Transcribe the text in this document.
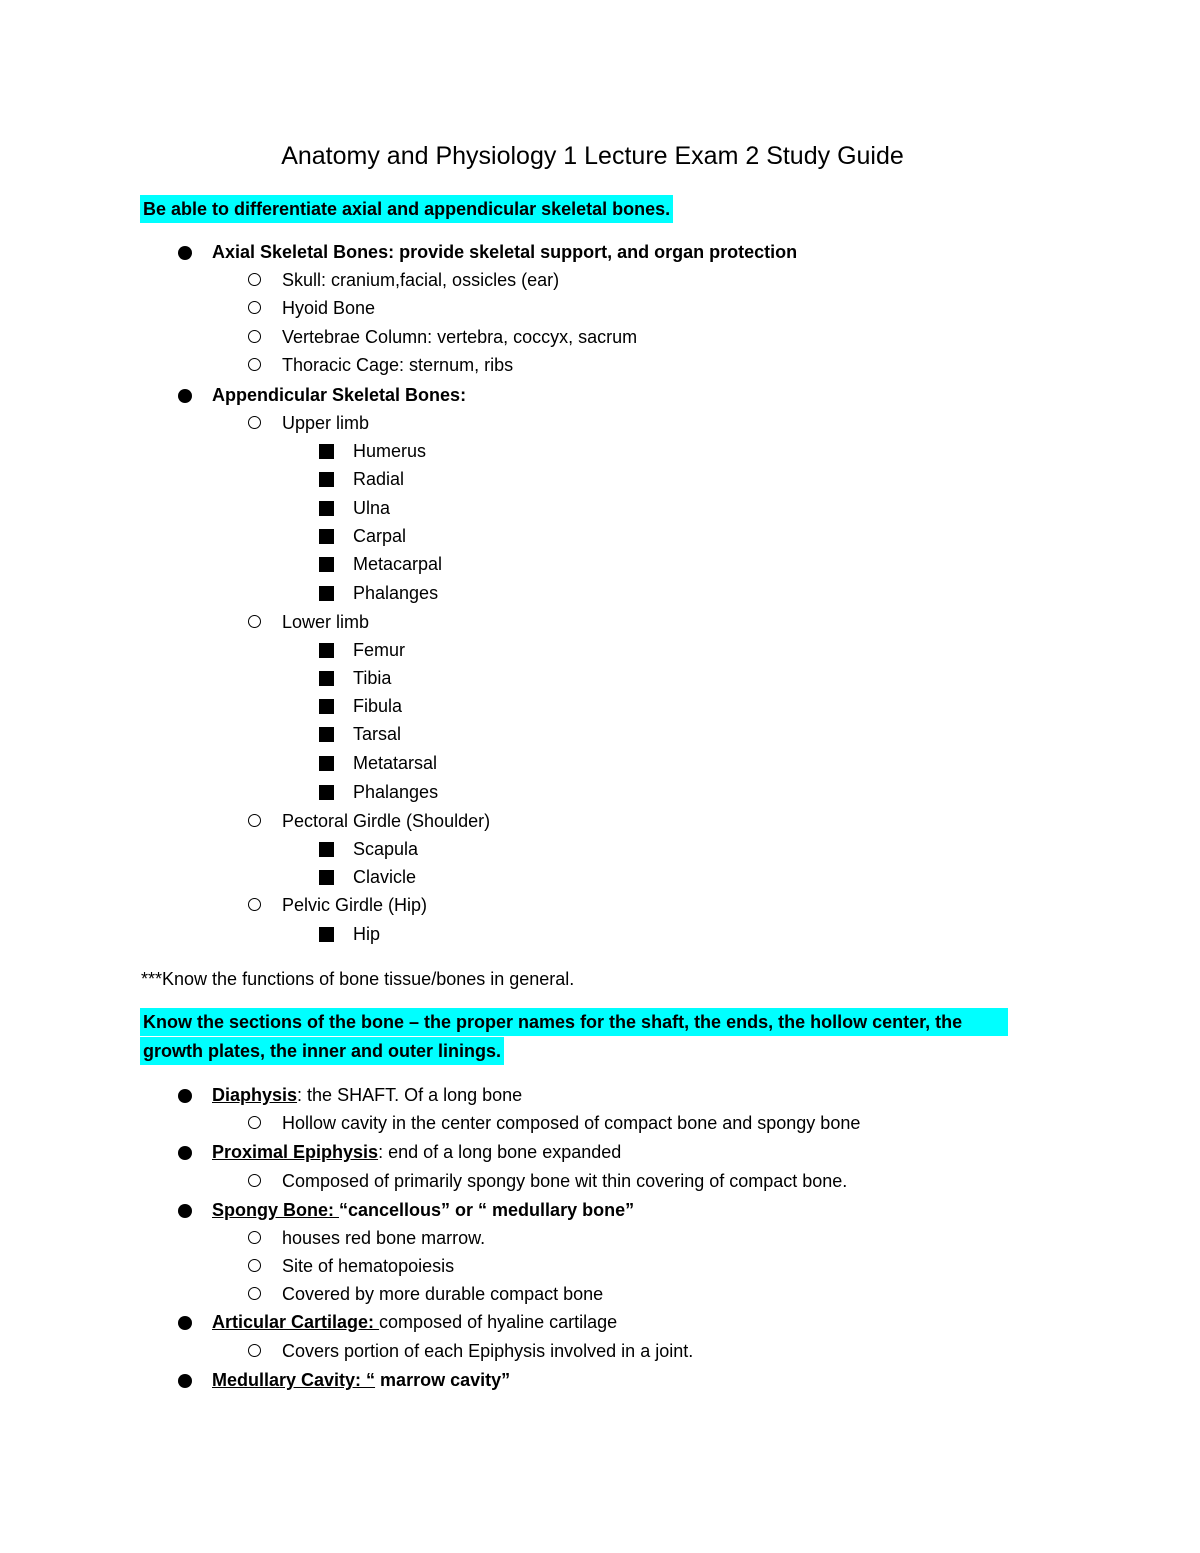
Anatomy and Physiology 1 Lecture Exam 2 Study Guide
Be able to differentiate axial and appendicular skeletal bones.
Axial Skeletal Bones: provide skeletal support, and organ protection
Skull: cranium,facial, ossicles (ear)
Hyoid Bone
Vertebrae Column: vertebra, coccyx, sacrum
Thoracic Cage: sternum, ribs
Appendicular Skeletal Bones:
Upper limb
Humerus
Radial
Ulna
Carpal
Metacarpal
Phalanges
Lower limb
Femur
Tibia
Fibula
Tarsal
Metatarsal
Phalanges
Pectoral Girdle (Shoulder)
Scapula
Clavicle
Pelvic Girdle (Hip)
Hip
***Know the functions of bone tissue/bones in general.
Know the sections of the bone – the proper names for the shaft, the ends, the hollow center, the
growth plates, the inner and outer linings.
Diaphysis: the SHAFT. Of a long bone
Hollow cavity in the center composed of compact bone and spongy bone
Proximal Epiphysis: end of a long bone expanded
Composed of primarily spongy bone wit thin covering of compact bone.
Spongy Bone: “cancellous” or “ medullary bone”
houses red bone marrow.
Site of hematopoiesis
Covered by more durable compact bone
Articular Cartilage: composed of hyaline cartilage
Covers portion of each Epiphysis involved in a joint.
Medullary Cavity: “ marrow cavity”
